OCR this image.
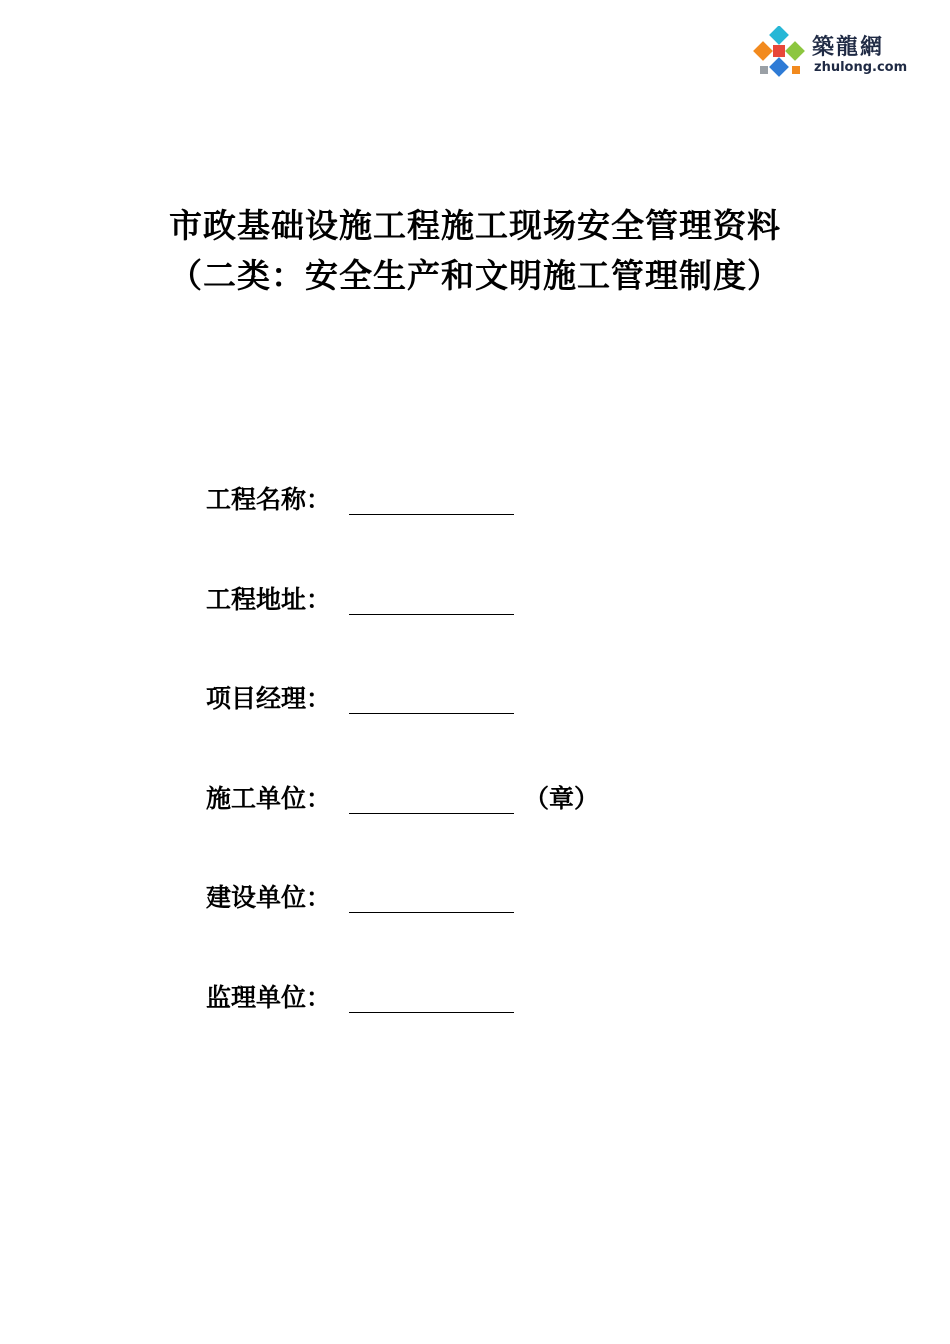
築龍網
zhulong.com
市政基础设施工程施工现场安全管理资料
（二类：安全生产和文明施工管理制度）
工程名称：
工程地址：
项目经理：
施工单位：	（章）
建设单位：
监理单位：
